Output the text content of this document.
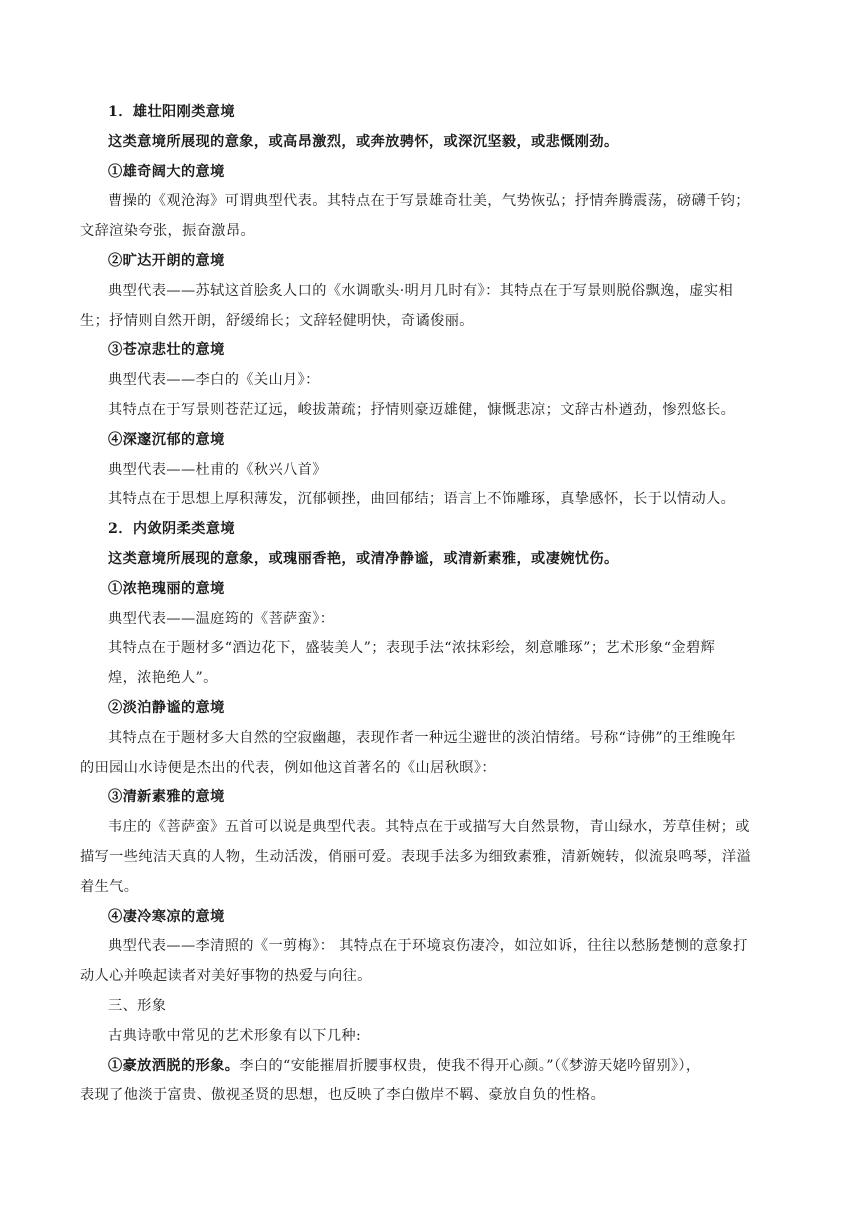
1．雄壮阳刚类意境

这类意境所展现的意象，或高昂激烈，或奔放骋怀，或深沉坚毅，或悲慨刚劲。

①雄奇阔大的意境

曹操的《观沧海》可谓典型代表。其特点在于写景雄奇壮美，气势恢弘；抒情奔腾震荡，磅礴千钧；

文辞渲染夸张，振奋激昂。

②旷达开朗的意境

典型代表——苏轼这首脍炙人口的《水调歌头·明月几时有》：其特点在于写景则脱俗飘逸，虚实相

生；抒情则自然开朗，舒缓绵长；文辞轻健明快，奇谲俊丽。

③苍凉悲壮的意境

典型代表——李白的《关山月》：

其特点在于写景则苍茫辽远，峻拔萧疏；抒情则豪迈雄健，慷慨悲凉；文辞古朴遒劲，惨烈悠长。

④深邃沉郁的意境

典型代表——杜甫的《秋兴八首》

其特点在于思想上厚积薄发，沉郁顿挫，曲回郁结；语言上不饰雕琢，真挚感怀，长于以情动人。

2．内敛阴柔类意境

这类意境所展现的意象，或瑰丽香艳，或清净静谧，或清新素雅，或凄婉忧伤。

①浓艳瑰丽的意境

典型代表——温庭筠的《菩萨蛮》：

其特点在于题材多“酒边花下，盛装美人”；表现手法“浓抹彩绘，刻意雕琢”；艺术形象“金碧辉

煌，浓艳绝人”。

②淡泊静谧的意境

其特点在于题材多大自然的空寂幽趣，表现作者一种远尘避世的淡泊情绪。号称“诗佛”的王维晚年

的田园山水诗便是杰出的代表，例如他这首著名的《山居秋暝》：

③清新素雅的意境

韦庄的《菩萨蛮》五首可以说是典型代表。其特点在于或描写大自然景物，青山绿水，芳草佳树；或

描写一些纯洁天真的人物，生动活泼，俏丽可爱。表现手法多为细致素雅，清新婉转，似流泉鸣琴，洋溢

着生气。

④凄冷寒凉的意境

典型代表——李清照的《一剪梅》： 其特点在于环境哀伤凄冷，如泣如诉，往往以愁肠楚恻的意象打

动人心并唤起读者对美好事物的热爱与向往。

三、形象

古典诗歌中常见的艺术形象有以下几种:

①豪放洒脱的形象。李白的“安能摧眉折腰事权贵，使我不得开心颜。”（《梦游天姥吟留别》），

表现了他淡于富贵、傲视圣贤的思想，也反映了李白傲岸不羁、豪放自负的性格。
